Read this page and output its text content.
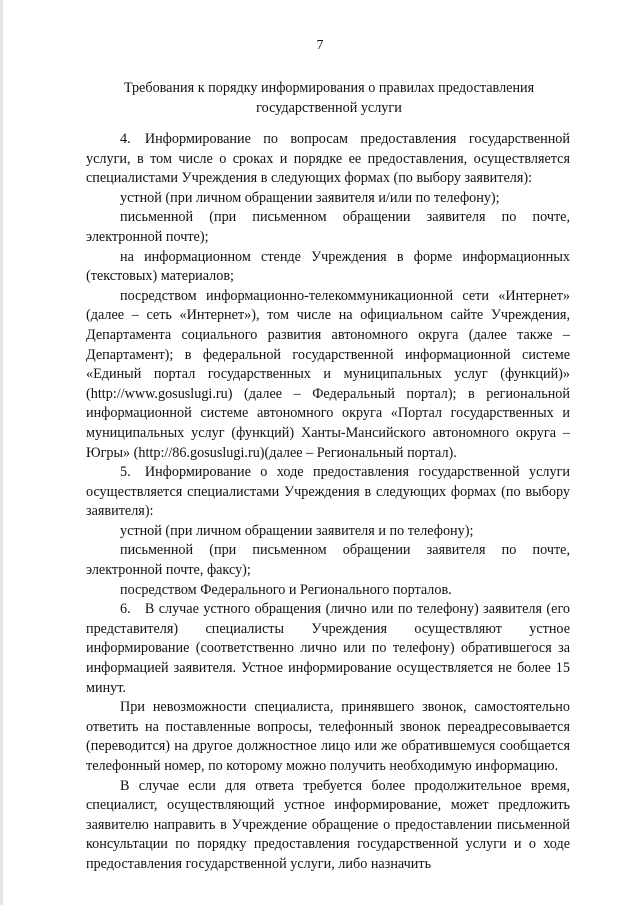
7
Требования к порядку информирования о правилах предоставления
государственной услуги

4. Информирование по вопросам предоставления государственной услуги, в том числе о сроках и порядке ее предоставления, осуществляется специалистами Учреждения в следующих формах (по выбору заявителя):

устной (при личном обращении заявителя и/или по телефону);

письменной (при письменном обращении заявителя по почте, электронной почте);

на информационном стенде Учреждения в форме информационных (текстовых) материалов;

посредством информационно-телекоммуникационной сети «Интернет» (далее – сеть «Интернет»), том числе на официальном сайте Учреждения, Департамента социального развития автономного округа (далее также – Департамент); в федеральной государственной информационной системе «Единый портал государственных и муниципальных услуг (функций)» (http://www.gosuslugi.ru) (далее – Федеральный портал); в региональной информационной системе автономного округа «Портал государственных и муниципальных услуг (функций) Ханты-Мансийского автономного округа – Югры» (http://86.gosuslugi.ru)(далее – Региональный портал).

5. Информирование о ходе предоставления государственной услуги осуществляется специалистами Учреждения в следующих формах (по выбору заявителя):

устной (при личном обращении заявителя и по телефону);

письменной (при письменном обращении заявителя по почте, электронной почте, факсу);

посредством Федерального и Регионального порталов.

6. В случае устного обращения (лично или по телефону) заявителя (его представителя) специалисты Учреждения осуществляют устное информирование (соответственно лично или по телефону) обратившегося за информацией заявителя. Устное информирование осуществляется не более 15 минут.

При невозможности специалиста, принявшего звонок, самостоятельно ответить на поставленные вопросы, телефонный звонок переадресовывается (переводится) на другое должностное лицо или же обратившемуся сообщается телефонный номер, по которому можно получить необходимую информацию.

В случае если для ответа требуется более продолжительное время, специалист, осуществляющий устное информирование, может предложить заявителю направить в Учреждение обращение о предоставлении письменной консультации по порядку предоставления государственной услуги и о ходе предоставления государственной услуги, либо назначить
